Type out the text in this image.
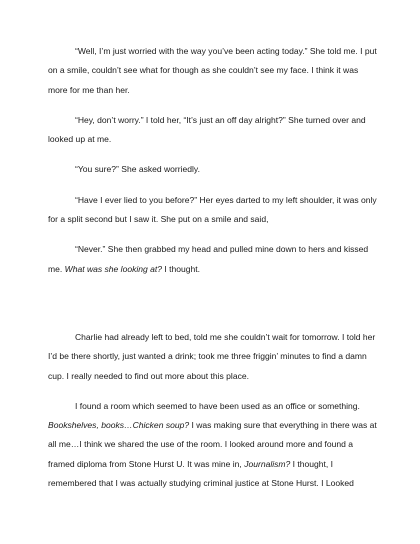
“Well, I’m just worried with the way you’ve been acting today.” She told me. I put on a smile, couldn’t see what for though as she couldn’t see my face. I think it was more for me than her.

“Hey, don’t worry.” I told her, “It’s just an off day alright?” She turned over and looked up at me.

“You sure?” She asked worriedly.

“Have I ever lied to you before?” Her eyes darted to my left shoulder, it was only for a split second but I saw it. She put on a smile and said,

“Never.” She then grabbed my head and pulled mine down to hers and kissed me. What was she looking at? I thought.

Charlie had already left to bed, told me she couldn’t wait for tomorrow. I told her I’d be there shortly, just wanted a drink; took me three friggin’ minutes to find a damn cup. I really needed to find out more about this place.

I found a room which seemed to have been used as an office or something. Bookshelves, books…Chicken soup? I was making sure that everything in there was at all me…I think we shared the use of the room. I looked around more and found a framed diploma from Stone Hurst U. It was mine in, Journalism? I thought, I remembered that I was actually studying criminal justice at Stone Hurst. I Looked
